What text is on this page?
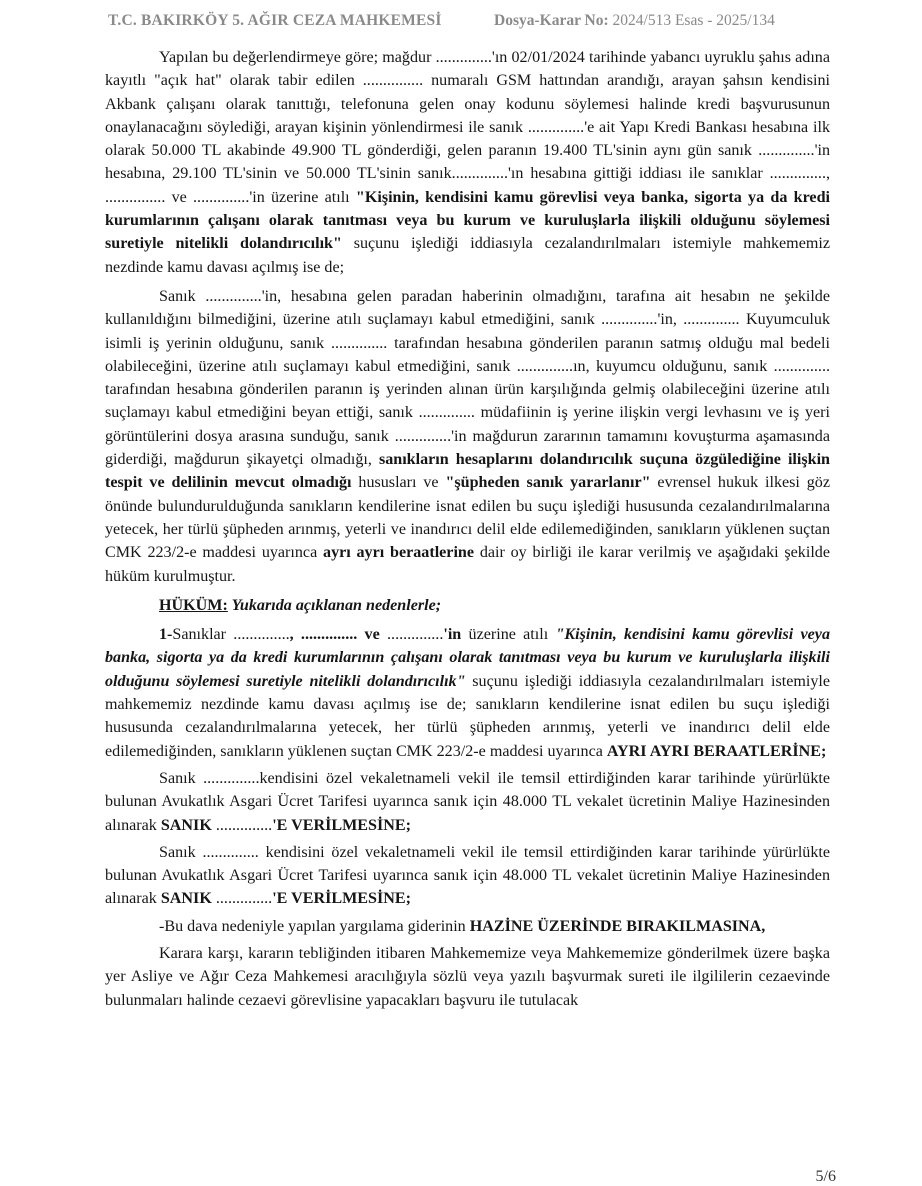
T.C. BAKIRKÖY 5. AĞIR CEZA MAHKEMESİ	Dosya-Karar No: 2024/513 Esas - 2025/134

Yapılan bu değerlendirmeye göre; mağdur ..............'ın 02/01/2024 tarihinde yabancı uyruklu şahıs adına kayıtlı "açık hat" olarak tabir edilen ............... numaralı GSM hattından arandığı, arayan şahsın kendisini Akbank çalışanı olarak tanıttığı, telefonuna gelen onay kodunu söylemesi halinde kredi başvurusunun onaylanacağını söylediği, arayan kişinin yönlendirmesi ile sanık ..............'e ait Yapı Kredi Bankası hesabına ilk olarak 50.000 TL akabinde 49.900 TL gönderdiği, gelen paranın 19.400 TL'sinin aynı gün sanık ..............'in hesabına, 29.100 TL'sinin ve 50.000 TL'sinin sanık..............'ın hesabına gittiği iddiası ile sanıklar .............., ............... ve ..............'in üzerine atılı "Kişinin, kendisini kamu görevlisi veya banka, sigorta ya da kredi kurumlarının çalışanı olarak tanıtması veya bu kurum ve kuruluşlarla ilişkili olduğunu söylemesi suretiyle nitelikli dolandırıcılık" suçunu işlediği iddiasıyla cezalandırılmaları istemiyle mahkememiz nezdinde kamu davası açılmış ise de;

Sanık ..............'in, hesabına gelen paradan haberinin olmadığını, tarafına ait hesabın ne şekilde kullanıldığını bilmediğini, üzerine atılı suçlamayı kabul etmediğini, sanık ..............'in, .............. Kuyumculuk isimli iş yerinin olduğunu, sanık .............. tarafından hesabına gönderilen paranın satmış olduğu mal bedeli olabileceğini, üzerine atılı suçlamayı kabul etmediğini, sanık ..............ın, kuyumcu olduğunu, sanık .............. tarafından hesabına gönderilen paranın iş yerinden alınan ürün karşılığında gelmiş olabileceğini üzerine atılı suçlamayı kabul etmediğini beyan ettiği, sanık .............. müdafiinin iş yerine ilişkin vergi levhasını ve iş yeri görüntülerini dosya arasına sunduğu, sanık ..............'in mağdurun zararının tamamını kovuşturma aşamasında giderdiği, mağdurun şikayetçi olmadığı, sanıkların hesaplarını dolandırıcılık suçuna özgülediğine ilişkin tespit ve delilinin mevcut olmadığı hususları ve "şüpheden sanık yararlanır" evrensel hukuk ilkesi göz önünde bulundurulduğunda sanıkların kendilerine isnat edilen bu suçu işlediği hususunda cezalandırılmalarına yetecek, her türlü şüpheden arınmış, yeterli ve inandırıcı delil elde edilemediğinden, sanıkların yüklenen suçtan CMK 223/2-e maddesi uyarınca ayrı ayrı beraatlerine dair oy birliği ile karar verilmiş ve aşağıdaki şekilde hüküm kurulmuştur.

HÜKÜM: Yukarıda açıklanan nedenlerle;

1-Sanıklar .............., .............. ve ..............'in üzerine atılı "Kişinin, kendisini kamu görevlisi veya banka, sigorta ya da kredi kurumlarının çalışanı olarak tanıtması veya bu kurum ve kuruluşlarla ilişkili olduğunu söylemesi suretiyle nitelikli dolandırıcılık" suçunu işlediği iddiasıyla cezalandırılmaları istemiyle mahkememiz nezdinde kamu davası açılmış ise de; sanıkların kendilerine isnat edilen bu suçu işlediği hususunda cezalandırılmalarına yetecek, her türlü şüpheden arınmış, yeterli ve inandırıcı delil elde edilemediğinden, sanıkların yüklenen suçtan CMK 223/2-e maddesi uyarınca AYRI AYRI BERAATLERİNE;

Sanık ..............kendisini özel vekaletnameli vekil ile temsil ettirdiğinden karar tarihinde yürürlükte bulunan Avukatlık Asgari Ücret Tarifesi uyarınca sanık için 48.000 TL vekalet ücretinin Maliye Hazinesinden alınarak SANIK ..............'E VERİLMESİNE;

Sanık .............. kendisini özel vekaletnameli vekil ile temsil ettirdiğinden karar tarihinde yürürlükte bulunan Avukatlık Asgari Ücret Tarifesi uyarınca sanık için 48.000 TL vekalet ücretinin Maliye Hazinesinden alınarak SANIK ..............'E VERİLMESİNE;

-Bu dava nedeniyle yapılan yargılama giderinin HAZİNE ÜZERİNDE BIRAKILMASINA,

Karara karşı, kararın tebliğinden itibaren Mahkememize veya Mahkememize gönderilmek üzere başka yer Asliye ve Ağır Ceza Mahkemesi aracılığıyla sözlü veya yazılı başvurmak sureti ile ilgililerin cezaevinde bulunmaları halinde cezaevi görevlisine yapacakları başvuru ile tutulacak

5/6
